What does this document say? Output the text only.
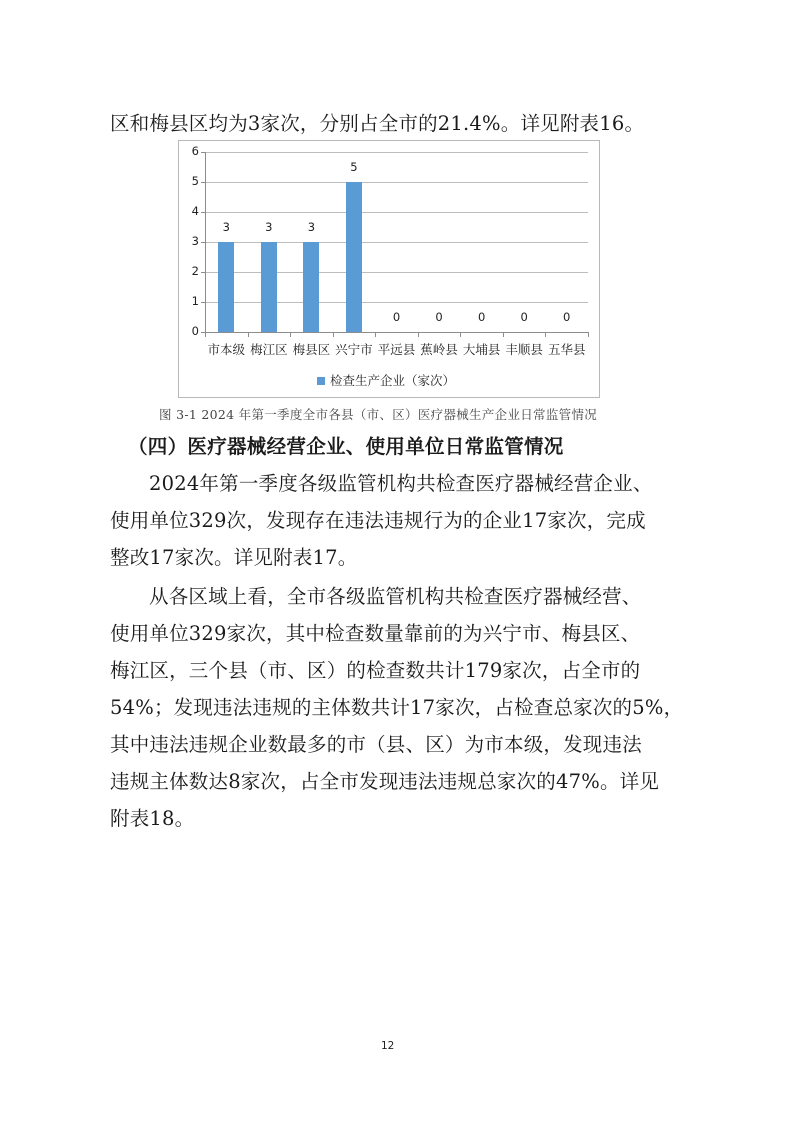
区和梅县区均为3家次，分别占全市的21.4%。详见附表16。
检查生产企业（家次）
0
1
2
3
4
5
6
3
市本级
3
梅江区
3
梅县区
5
兴宁市
0
平远县
0
蕉岭县
0
大埔县
0
丰顺县
0
五华县
图 3-1 2024 年第一季度全市各县（市、区）医疗器械生产企业日常监管情况
（四）医疗器械经营企业、使用单位日常监管情况
2024年第一季度各级监管机构共检查医疗器械经营企业、
使用单位329次，发现存在违法违规行为的企业17家次，完成
整改17家次。详见附表17。
从各区域上看，全市各级监管机构共检查医疗器械经营、
使用单位329家次，其中检查数量靠前的为兴宁市、梅县区、
梅江区，三个县（市、区）的检查数共计179家次，占全市的
54%；发现违法违规的主体数共计17家次，占检查总家次的5%，
其中违法违规企业数最多的市（县、区）为市本级，发现违法
违规主体数达8家次，占全市发现违法违规总家次的47%。详见
附表18。
12
